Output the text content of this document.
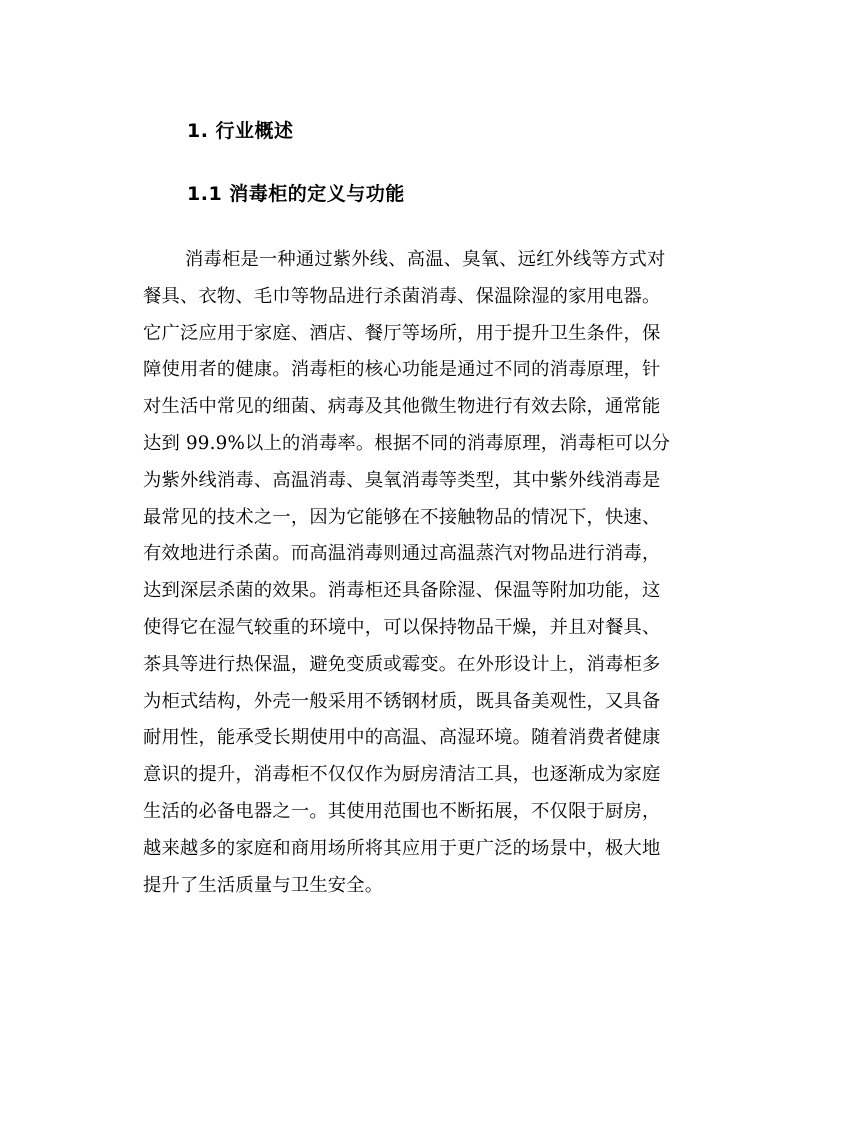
1. 行业概述
1.1 消毒柜的定义与功能
消毒柜是一种通过紫外线、高温、臭氧、远红外线等方式对
餐具、衣物、毛巾等物品进行杀菌消毒、保温除湿的家用电器。
它广泛应用于家庭、酒店、餐厅等场所，用于提升卫生条件，保
障使用者的健康。消毒柜的核心功能是通过不同的消毒原理，针
对生活中常见的细菌、病毒及其他微生物进行有效去除，通常能
达到 99.9%以上的消毒率。根据不同的消毒原理，消毒柜可以分
为紫外线消毒、高温消毒、臭氧消毒等类型，其中紫外线消毒是
最常见的技术之一，因为它能够在不接触物品的情况下，快速、
有效地进行杀菌。而高温消毒则通过高温蒸汽对物品进行消毒，
达到深层杀菌的效果。消毒柜还具备除湿、保温等附加功能，这
使得它在湿气较重的环境中，可以保持物品干燥，并且对餐具、
茶具等进行热保温，避免变质或霉变。在外形设计上，消毒柜多
为柜式结构，外壳一般采用不锈钢材质，既具备美观性，又具备
耐用性，能承受长期使用中的高温、高湿环境。随着消费者健康
意识的提升，消毒柜不仅仅作为厨房清洁工具，也逐渐成为家庭
生活的必备电器之一。其使用范围也不断拓展，不仅限于厨房，
越来越多的家庭和商用场所将其应用于更广泛的场景中，极大地
提升了生活质量与卫生安全。
